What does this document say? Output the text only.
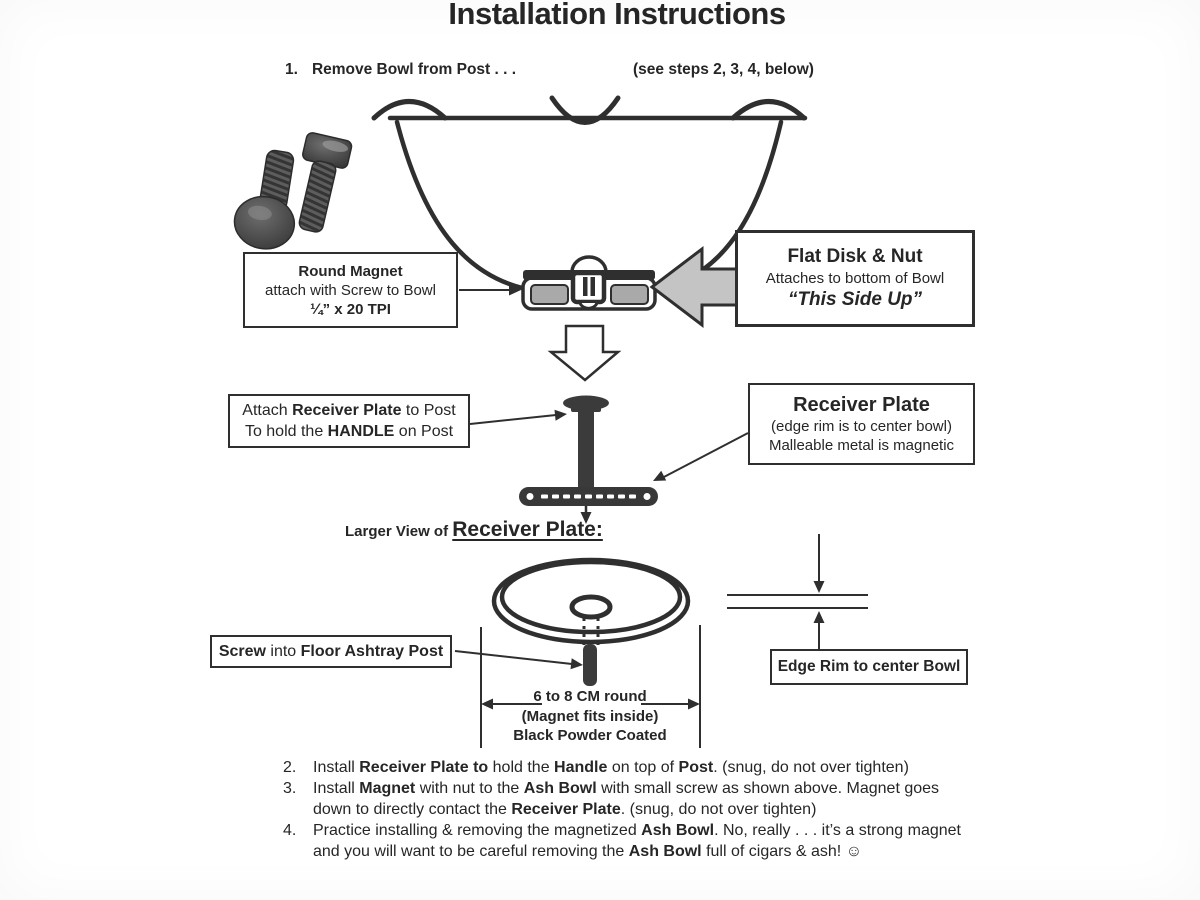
Installation Instructions
1. Remove Bowl from Post . . .	(see steps 2, 3, 4, below)
Round Magnet
attach with Screw to Bowl
¼” x 20 TPI
Flat Disk & Nut
Attaches to bottom of Bowl
“This Side Up”
Attach Receiver Plate to Post
To hold the HANDLE on Post
Receiver Plate
(edge rim is to center bowl)
Malleable metal is magnetic
Screw into Floor Ashtray Post
Edge Rim to center Bowl
Larger View of Receiver Plate:
6 to 8 CM round
(Magnet fits inside)
Black Powder Coated
2.	Install Receiver Plate to hold the Handle on top of Post. (snug, do not over tighten)
3.	Install Magnet with nut to the Ash Bowl with small screw as shown above. Magnet goes down to directly contact the Receiver Plate. (snug, do not over tighten)
4.	Practice installing & removing the magnetized Ash Bowl. No, really . . . it’s a strong magnet and you will want to be careful removing the Ash Bowl full of cigars & ash! ☺
